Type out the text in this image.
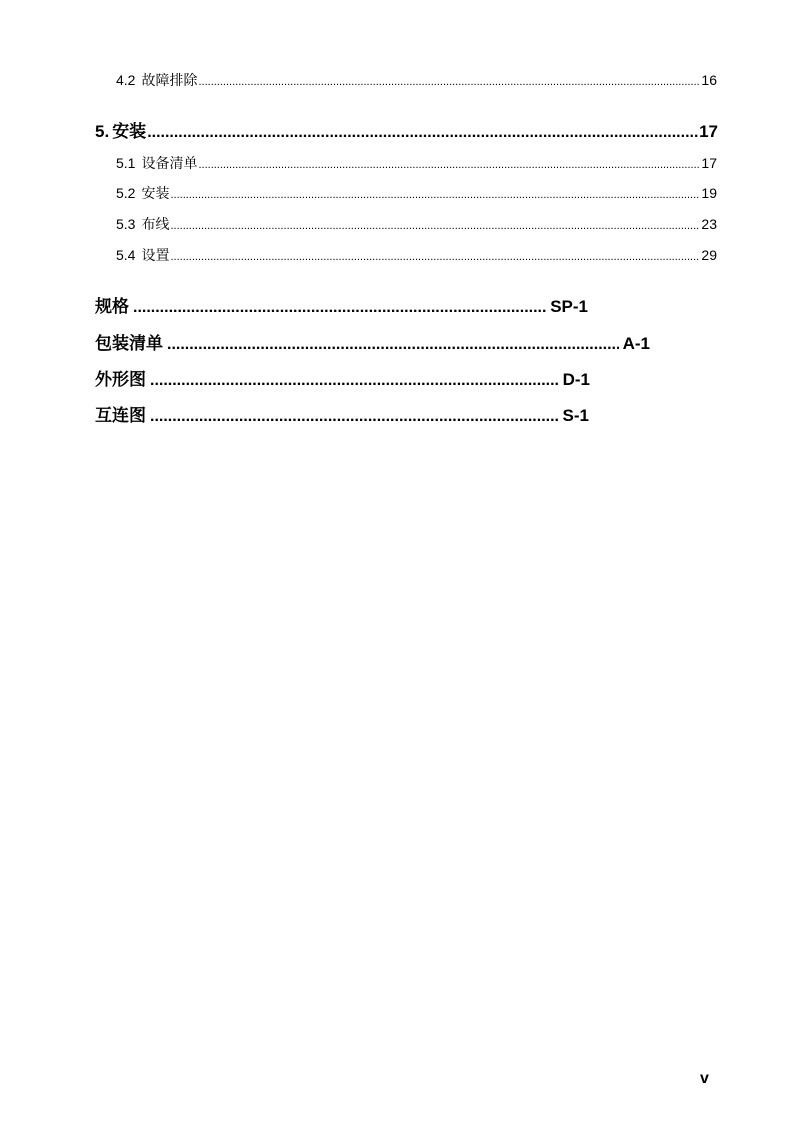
4.2 故障排除 .....	16
5. 安装 .....	17
5.1 设备清单 .....	17
5.2 安装 .....	19
5.3 布线 .....	23
5.4 设置 .....	29
规格 .....	SP-1
包装清单 .....	A-1
外形图 .....	D-1
互连图 .....	S-1
v
